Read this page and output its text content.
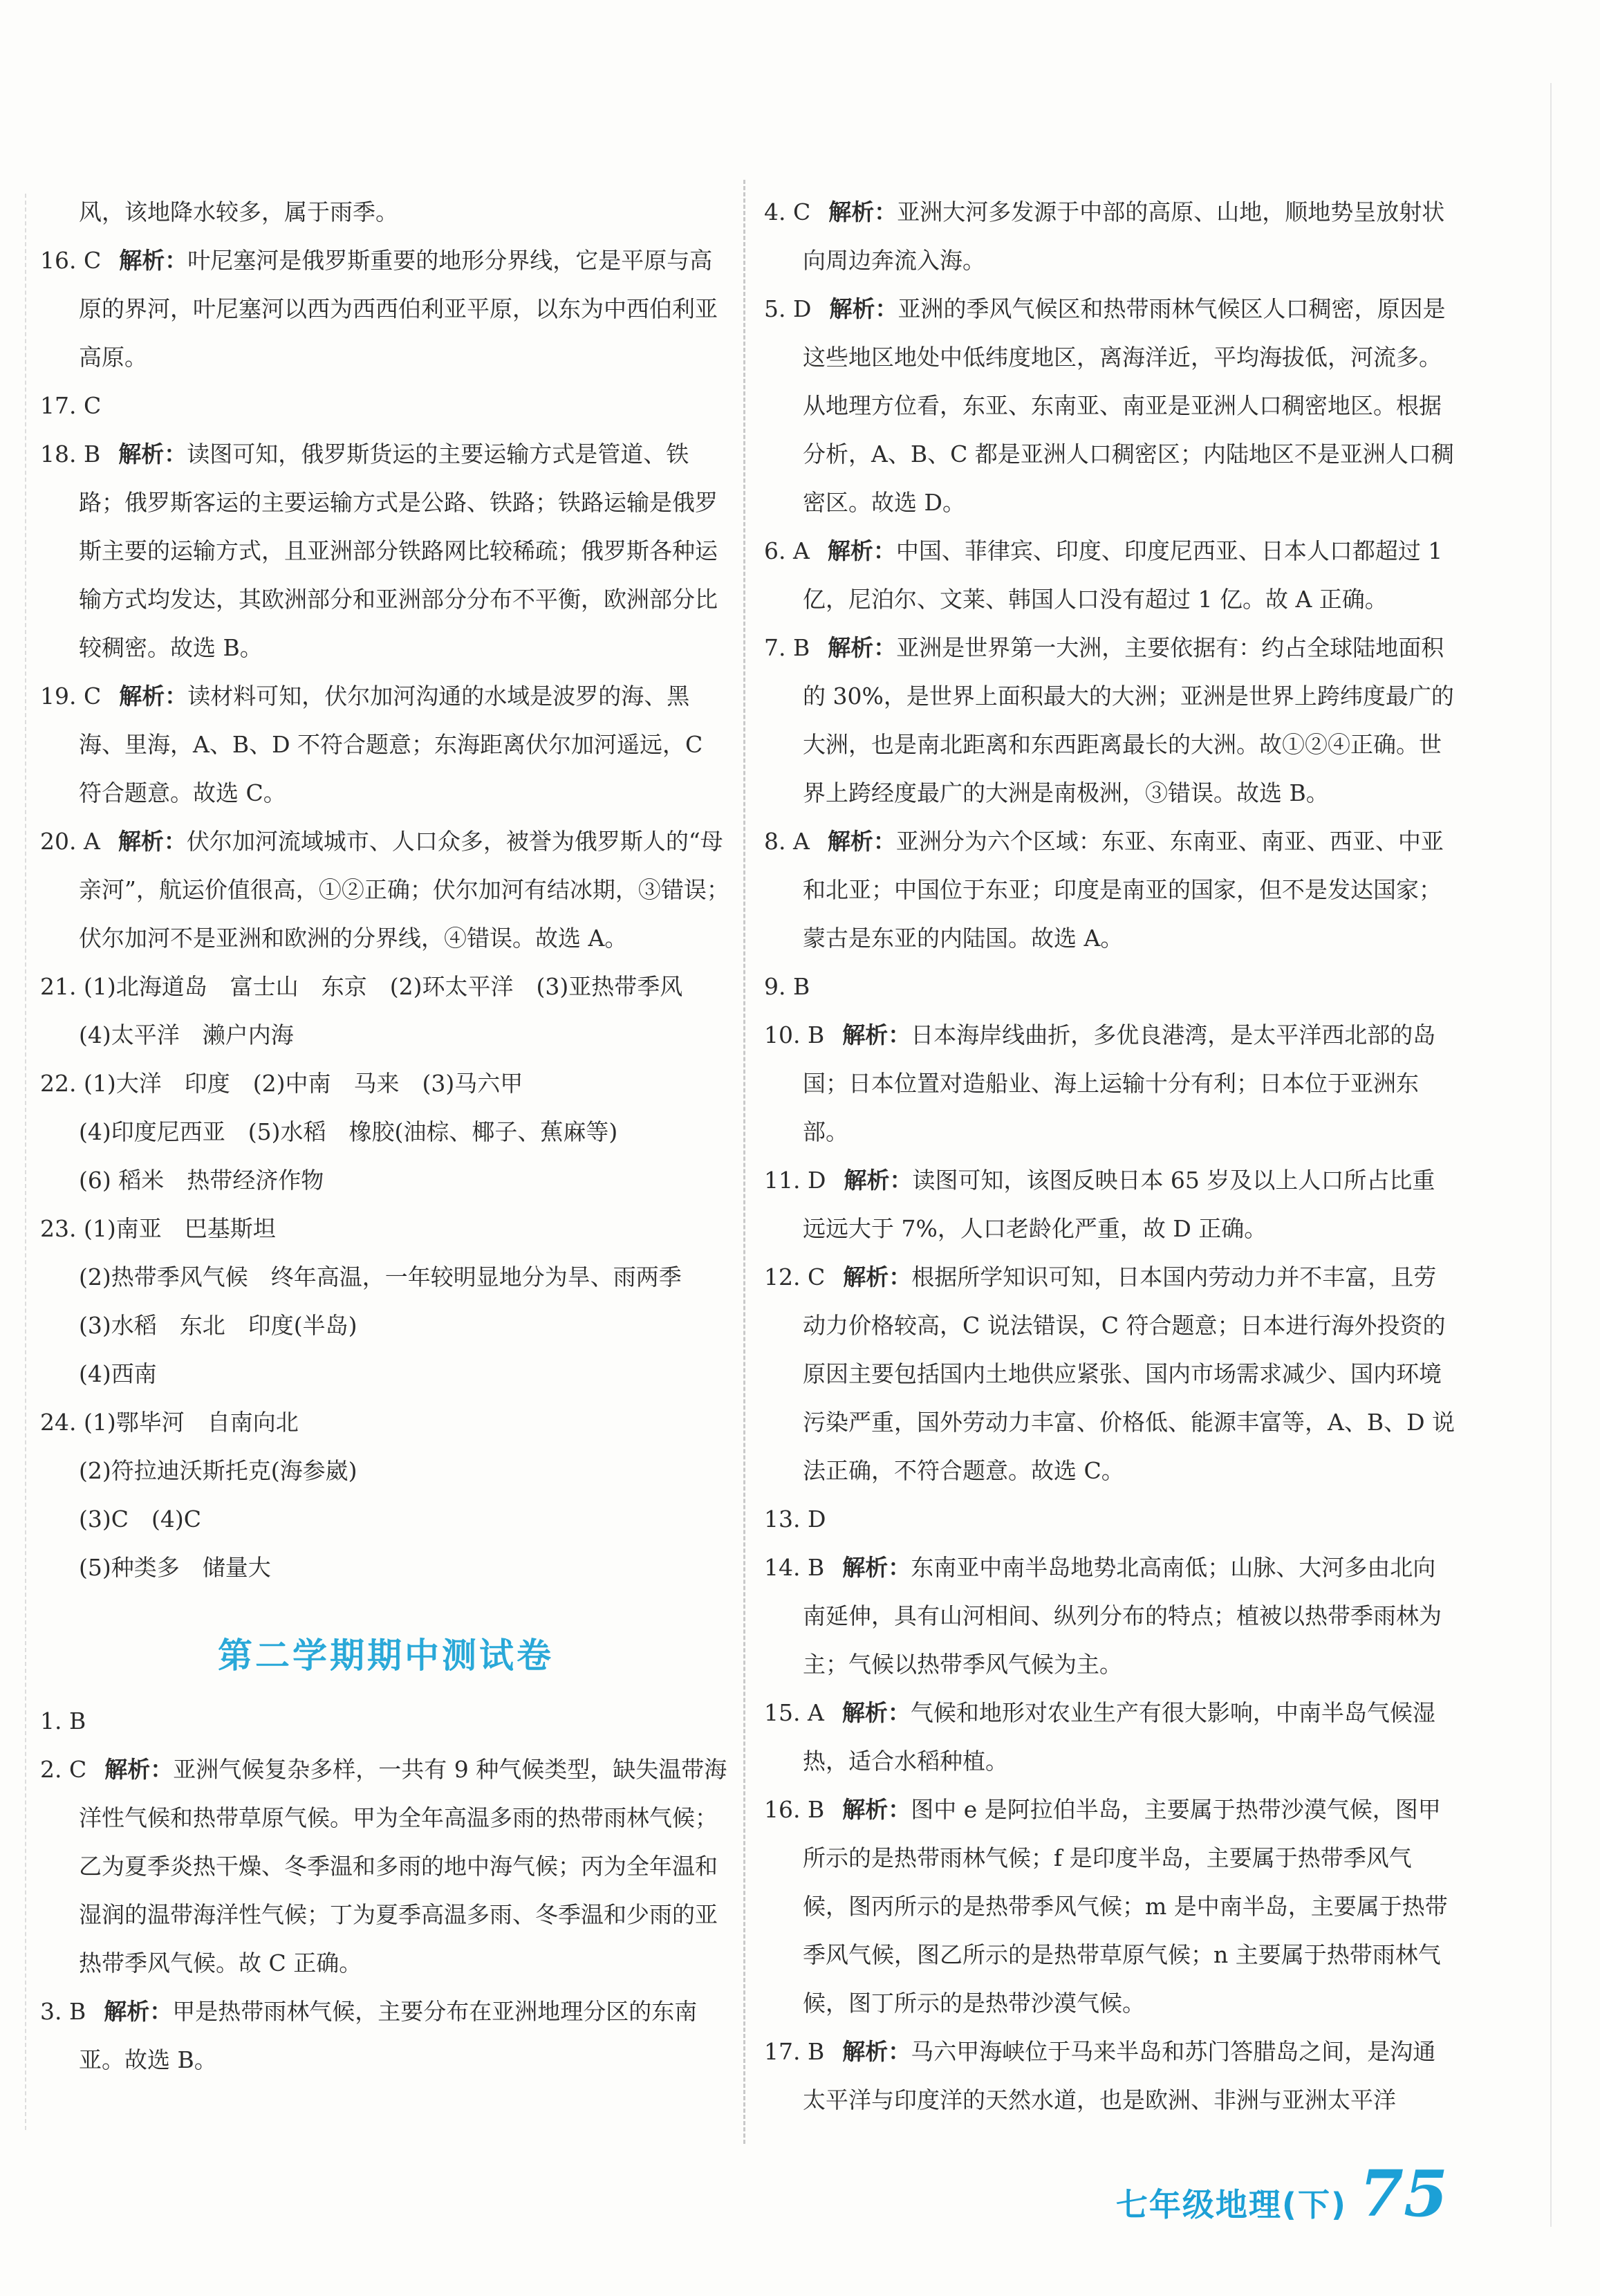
风，该地降水较多，属于雨季。
16. C 解析：叶尼塞河是俄罗斯重要的地形分界线，它是平原与高原的界河，叶尼塞河以西为西西伯利亚平原，以东为中西伯利亚高原。
17. C
18. B 解析：读图可知，俄罗斯货运的主要运输方式是管道、铁路；俄罗斯客运的主要运输方式是公路、铁路；铁路运输是俄罗斯主要的运输方式，且亚洲部分铁路网比较稀疏；俄罗斯各种运输方式均发达，其欧洲部分和亚洲部分分布不平衡，欧洲部分比较稠密。故选 B。
19. C 解析：读材料可知，伏尔加河沟通的水域是波罗的海、黑海、里海，A、B、D 不符合题意；东海距离伏尔加河遥远，C 符合题意。故选 C。
20. A 解析：伏尔加河流域城市、人口众多，被誉为俄罗斯人的“母亲河”，航运价值很高，①②正确；伏尔加河有结冰期，③错误；伏尔加河不是亚洲和欧洲的分界线，④错误。故选 A。
21. (1)北海道岛　富士山　东京　(2)环太平洋　(3)亚热带季风　(4)太平洋　濑户内海
22. (1)大洋　印度　(2)中南　马来　(3)马六甲
(4)印度尼西亚　(5)水稻　橡胶(油棕、椰子、蕉麻等)
(6) 稻米　热带经济作物
23. (1)南亚　巴基斯坦
(2)热带季风气候　终年高温，一年较明显地分为旱、雨两季
(3)水稻　东北　印度(半岛)
(4)西南
24. (1)鄂毕河　自南向北
(2)符拉迪沃斯托克(海参崴)
(3)C　(4)C
(5)种类多　储量大
第二学期期中测试卷
1. B
2. C 解析：亚洲气候复杂多样，一共有 9 种气候类型，缺失温带海洋性气候和热带草原气候。甲为全年高温多雨的热带雨林气候；乙为夏季炎热干燥、冬季温和多雨的地中海气候；丙为全年温和湿润的温带海洋性气候；丁为夏季高温多雨、冬季温和少雨的亚热带季风气候。故 C 正确。
3. B 解析：甲是热带雨林气候，主要分布在亚洲地理分区的东南亚。故选 B。
4. C 解析：亚洲大河多发源于中部的高原、山地，顺地势呈放射状向周边奔流入海。
5. D 解析：亚洲的季风气候区和热带雨林气候区人口稠密，原因是这些地区地处中低纬度地区，离海洋近，平均海拔低，河流多。从地理方位看，东亚、东南亚、南亚是亚洲人口稠密地区。根据分析，A、B、C 都是亚洲人口稠密区；内陆地区不是亚洲人口稠密区。故选 D。
6. A 解析：中国、菲律宾、印度、印度尼西亚、日本人口都超过 1 亿，尼泊尔、文莱、韩国人口没有超过 1 亿。故 A 正确。
7. B 解析：亚洲是世界第一大洲，主要依据有：约占全球陆地面积的 30%，是世界上面积最大的大洲；亚洲是世界上跨纬度最广的大洲，也是南北距离和东西距离最长的大洲。故①②④正确。世界上跨经度最广的大洲是南极洲，③错误。故选 B。
8. A 解析：亚洲分为六个区域：东亚、东南亚、南亚、西亚、中亚和北亚；中国位于东亚；印度是南亚的国家，但不是发达国家；蒙古是东亚的内陆国。故选 A。
9. B
10. B 解析：日本海岸线曲折，多优良港湾，是太平洋西北部的岛国；日本位置对造船业、海上运输十分有利；日本位于亚洲东部。
11. D 解析：读图可知，该图反映日本 65 岁及以上人口所占比重远远大于 7%，人口老龄化严重，故 D 正确。
12. C 解析：根据所学知识可知，日本国内劳动力并不丰富，且劳动力价格较高，C 说法错误，C 符合题意；日本进行海外投资的原因主要包括国内土地供应紧张、国内市场需求减少、国内环境污染严重，国外劳动力丰富、价格低、能源丰富等，A、B、D 说法正确，不符合题意。故选 C。
13. D
14. B 解析：东南亚中南半岛地势北高南低；山脉、大河多由北向南延伸，具有山河相间、纵列分布的特点；植被以热带季雨林为主；气候以热带季风气候为主。
15. A 解析：气候和地形对农业生产有很大影响，中南半岛气候湿热，适合水稻种植。
16. B 解析：图中 e 是阿拉伯半岛，主要属于热带沙漠气候，图甲所示的是热带雨林气候；f 是印度半岛，主要属于热带季风气候，图丙所示的是热带季风气候；m 是中南半岛，主要属于热带季风气候，图乙所示的是热带草原气候；n 主要属于热带雨林气候，图丁所示的是热带沙漠气候。
17. B 解析：马六甲海峡位于马来半岛和苏门答腊岛之间，是沟通太平洋与印度洋的天然水道，也是欧洲、非洲与亚洲太平洋
七年级地理(下) 75
